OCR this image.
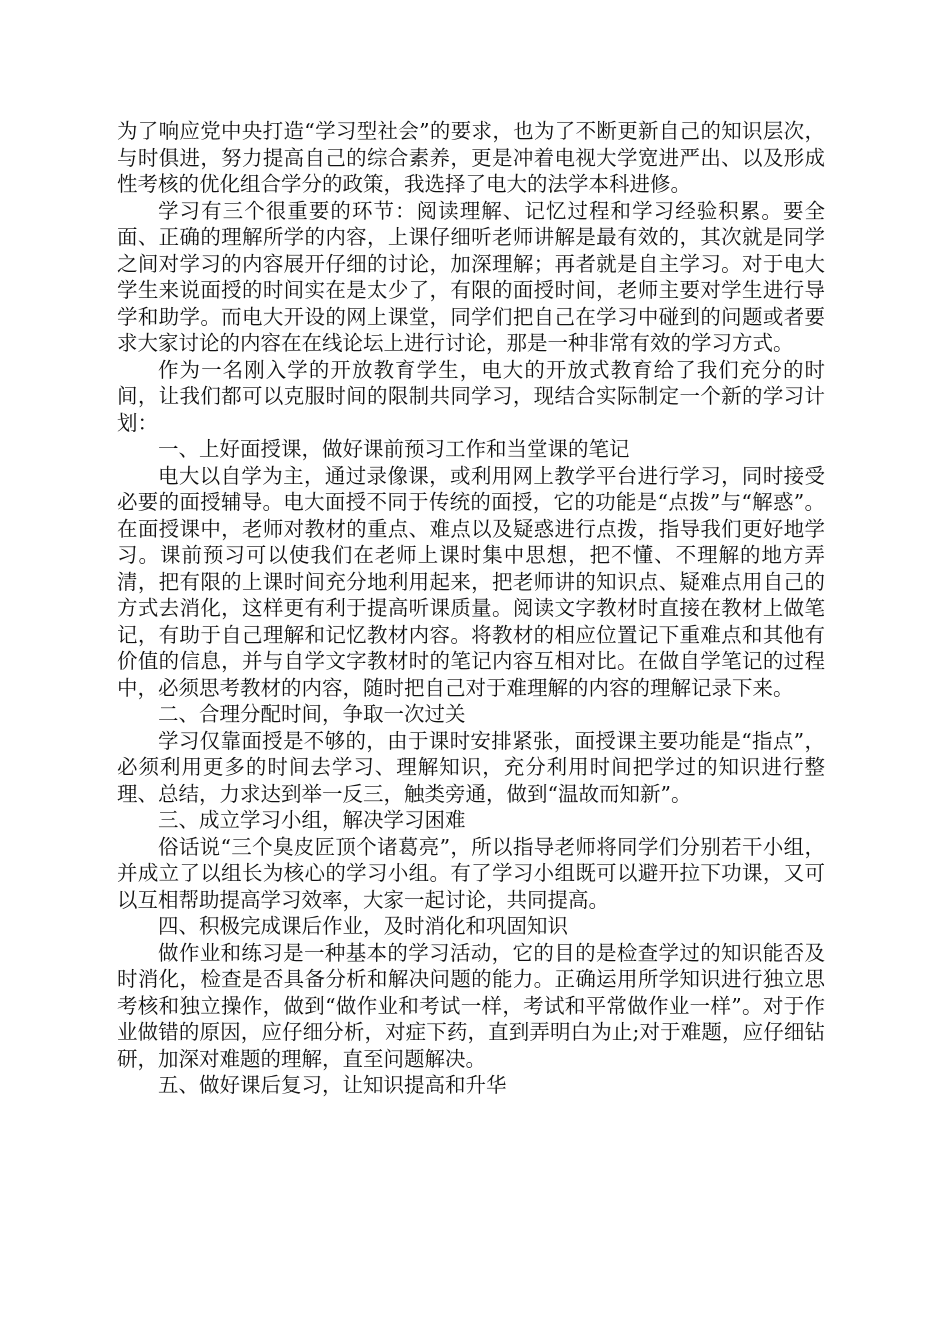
为了响应党中央打造“学习型社会”的要求，也为了不断更新自己的知识层次，与时俱进，努力提高自己的综合素养，更是冲着电视大学宽进严出、以及形成性考核的优化组合学分的政策，我选择了电大的法学本科进修。

学习有三个很重要的环节：阅读理解、记忆过程和学习经验积累。要全面、正确的理解所学的内容，上课仔细听老师讲解是最有效的，其次就是同学之间对学习的内容展开仔细的讨论，加深理解；再者就是自主学习。对于电大学生来说面授的时间实在是太少了，有限的面授时间，老师主要对学生进行导学和助学。而电大开设的网上课堂，同学们把自己在学习中碰到的问题或者要求大家讨论的内容在在线论坛上进行讨论，那是一种非常有效的学习方式。

作为一名刚入学的开放教育学生，电大的开放式教育给了我们充分的时间，让我们都可以克服时间的限制共同学习，现结合实际制定一个新的学习计划：

一、上好面授课，做好课前预习工作和当堂课的笔记

电大以自学为主，通过录像课，或利用网上教学平台进行学习，同时接受必要的面授辅导。电大面授不同于传统的面授，它的功能是“点拨”与“解惑”。在面授课中，老师对教材的重点、难点以及疑惑进行点拨，指导我们更好地学习。课前预习可以使我们在老师上课时集中思想，把不懂、不理解的地方弄清，把有限的上课时间充分地利用起来，把老师讲的知识点、疑难点用自己的方式去消化，这样更有利于提高听课质量。阅读文字教材时直接在教材上做笔记，有助于自己理解和记忆教材内容。将教材的相应位置记下重难点和其他有价值的信息，并与自学文字教材时的笔记内容互相对比。在做自学笔记的过程中，必须思考教材的内容，随时把自己对于难理解的内容的理解记录下来。

二、合理分配时间，争取一次过关

学习仅靠面授是不够的，由于课时安排紧张，面授课主要功能是“指点”，必须利用更多的时间去学习、理解知识，充分利用时间把学过的知识进行整理、总结，力求达到举一反三，触类旁通，做到“温故而知新”。

三、成立学习小组，解决学习困难

俗话说“三个臭皮匠顶个诸葛亮”，所以指导老师将同学们分别若干小组，并成立了以组长为核心的学习小组。有了学习小组既可以避开拉下功课，又可以互相帮助提高学习效率，大家一起讨论，共同提高。

四、积极完成课后作业，及时消化和巩固知识

做作业和练习是一种基本的学习活动，它的目的是检查学过的知识能否及时消化，检查是否具备分析和解决问题的能力。正确运用所学知识进行独立思考核和独立操作，做到“做作业和考试一样，考试和平常做作业一样”。对于作业做错的原因，应仔细分析，对症下药，直到弄明白为止;对于难题，应仔细钻研，加深对难题的理解，直至问题解决。

五、做好课后复习，让知识提高和升华
